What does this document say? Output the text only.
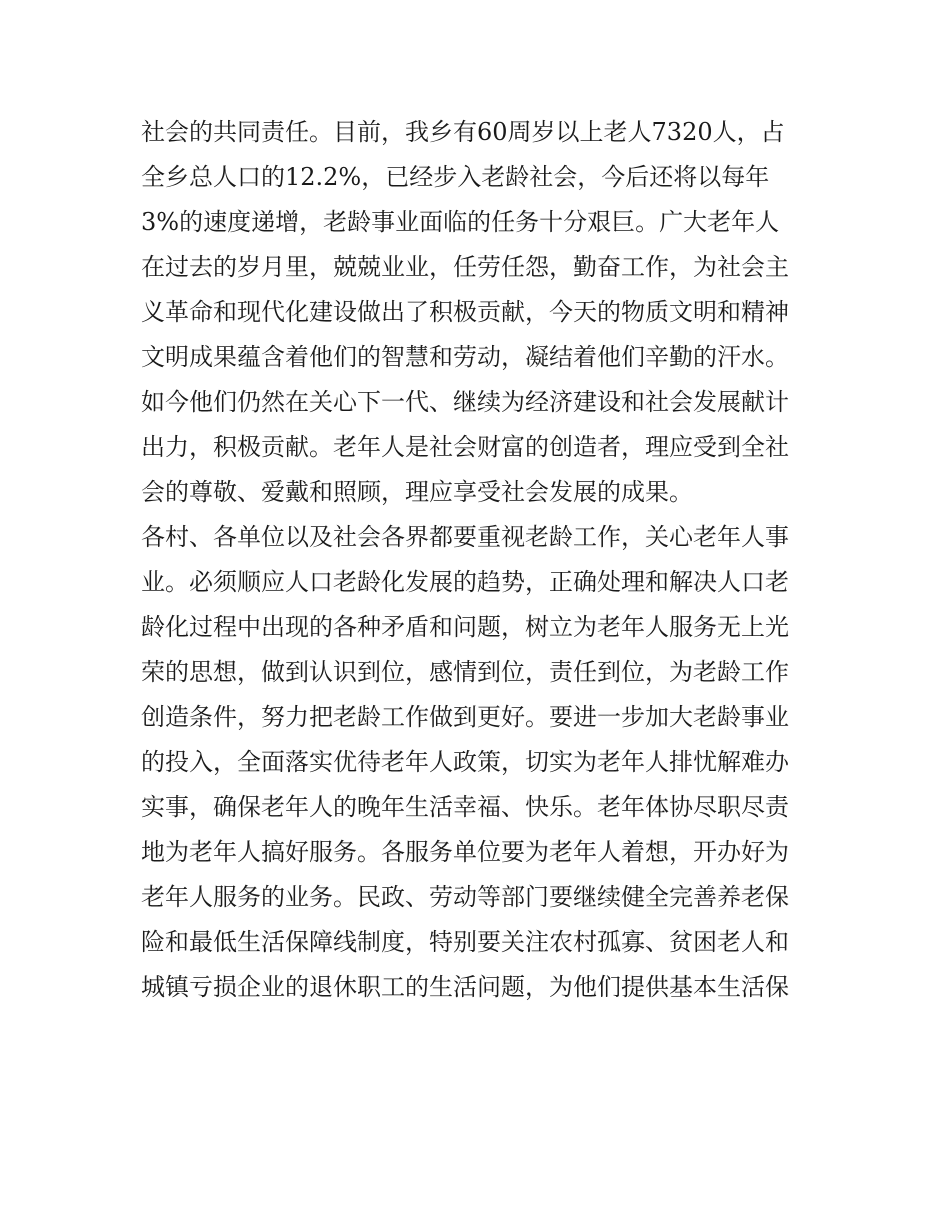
社会的共同责任。目前，我乡有60周岁以上老人7320人，占
全乡总人口的12.2%，已经步入老龄社会，今后还将以每年
3%的速度递增，老龄事业面临的任务十分艰巨。广大老年人
在过去的岁月里，兢兢业业，任劳任怨，勤奋工作，为社会主
义革命和现代化建设做出了积极贡献，今天的物质文明和精神
文明成果蕴含着他们的智慧和劳动，凝结着他们辛勤的汗水。
如今他们仍然在关心下一代、继续为经济建设和社会发展献计
出力，积极贡献。老年人是社会财富的创造者，理应受到全社
会的尊敬、爱戴和照顾，理应享受社会发展的成果。
各村、各单位以及社会各界都要重视老龄工作，关心老年人事
业。必须顺应人口老龄化发展的趋势，正确处理和解决人口老
龄化过程中出现的各种矛盾和问题，树立为老年人服务无上光
荣的思想，做到认识到位，感情到位，责任到位，为老龄工作
创造条件，努力把老龄工作做到更好。要进一步加大老龄事业
的投入，全面落实优待老年人政策，切实为老年人排忧解难办
实事，确保老年人的晚年生活幸福、快乐。老年体协尽职尽责
地为老年人搞好服务。各服务单位要为老年人着想，开办好为
老年人服务的业务。民政、劳动等部门要继续健全完善养老保
险和最低生活保障线制度，特别要关注农村孤寡、贫困老人和
城镇亏损企业的退休职工的生活问题，为他们提供基本生活保
